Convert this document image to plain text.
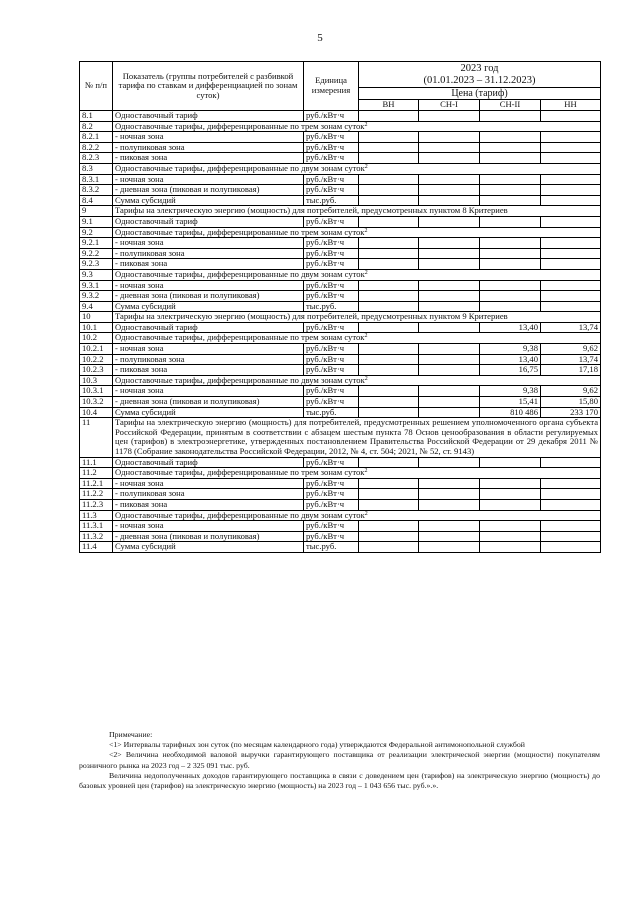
5
№ п/п	Показатель (группы потребителей с разбивкой тарифа по ставкам и дифференциацией по зонам суток)	Единица измерения	2023 год			
			(01.01.2023 – 31.12.2023)			
			Цена (тариф)			
			ВН	СН-I	СН-II	НН
8.1	Одноставочный тариф	руб./кВт·ч				
8.2	Одноставочные тарифы, дифференцированные по трем зонам суток$^2$
8.2.1	- ночная зона	руб./кВт·ч				
8.2.2	- полупиковая зона	руб./кВт·ч				
8.2.3	- пиковая зона	руб./кВт·ч				
8.3	Одноставочные тарифы, дифференцированные по двум зонам суток$^2$
8.3.1	- ночная зона	руб./кВт·ч				
8.3.2	- дневная зона (пиковая и полупиковая)	руб./кВт·ч				
8.4	Сумма субсидий	тыс.руб.				
9	Тарифы на электрическую энергию (мощность) для потребителей, предусмотренных пунктом 8 Критериев					
9.1	Одноставочный тариф	руб./кВт·ч				
9.2	Одноставочные тарифы, дифференцированные по трем зонам суток$^2$
9.2.1	- ночная зона	руб./кВт·ч				
9.2.2	- полупиковая зона	руб./кВт·ч				
9.2.3	- пиковая зона	руб./кВт·ч				
9.3	Одноставочные тарифы, дифференцированные по двум зонам суток$^2$
9.3.1	- ночная зона	руб./кВт·ч				
9.3.2	- дневная зона (пиковая и полупиковая)	руб./кВт·ч				
9.4	Сумма субсидий	тыс.руб.				
10	Тарифы на электрическую энергию (мощность) для потребителей, предусмотренных пунктом 9 Критериев					
10.1	Одноставочный тариф	руб./кВт·ч			13,40	13,74
10.2	Одноставочные тарифы, дифференцированные по трем зонам суток$^2$
10.2.1	- ночная зона	руб./кВт·ч			9,38	9,62
10.2.2	- полупиковая зона	руб./кВт·ч			13,40	13,74
10.2.3	- пиковая зона	руб./кВт·ч			16,75	17,18
10.3	Одноставочные тарифы, дифференцированные по двум зонам суток$^2$
10.3.1	- ночная зона	руб./кВт·ч			9,38	9,62
10.3.2	- дневная зона (пиковая и полупиковая)	руб./кВт·ч			15,41	15,80
10.4	Сумма субсидий	тыс.руб.			810 486	233 170
11	Тарифы на электрическую энергию (мощность) для потребителей, предусмотренных решением уполномоченного органа субъекта Российской Федерации, принятым в соответствии с абзацем шестым пункта 78 Основ ценообразования в области регулируемых цен (тарифов) в электроэнергетике, утвержденных постановлением Правительства Российской Федерации от 29 декабря 2011 № 1178 (Собрание законодательства Российской Федерации, 2012, № 4, ст. 504; 2021, № 52, ст. 9143)					
11.1	Одноставочный тариф	руб./кВт·ч				
11.2	Одноставочные тарифы, дифференцированные по трем зонам суток$^2$
11.2.1	- ночная зона	руб./кВт·ч				
11.2.2	- полупиковая зона	руб./кВт·ч				
11.2.3	- пиковая зона	руб./кВт·ч				
11.3	Одноставочные тарифы, дифференцированные по двум зонам суток$^2$
11.3.1	- ночная зона	руб./кВт·ч				
11.3.2	- дневная зона (пиковая и полупиковая)	руб./кВт·ч				
11.4	Сумма субсидий	тыс.руб.				

Примечание:

<1> Интервалы тарифных зон суток (по месяцам календарного года) утверждаются Федеральной антимонопольной службой

<2> Величина необходимой валовой выручки гарантирующего поставщика от реализации электрической энергии (мощности) покупателям розничного рынка на 2023 год – 2 325 091 тыс. руб.

Величина недополученных доходов гарантирующего поставщика в связи с доведением цен (тарифов) на электрическую энергию (мощность) до базовых уровней цен (тарифов) на электрическую энергию (мощность) на 2023 год – 1 043 656 тыс. руб.».».
